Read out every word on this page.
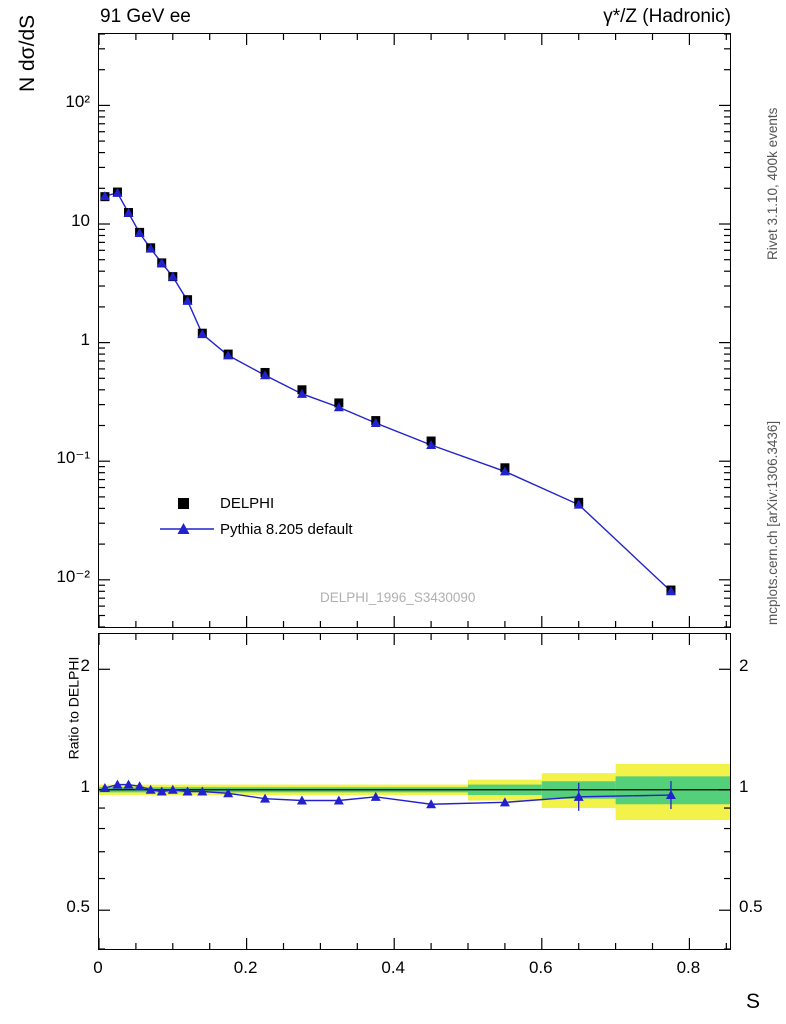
91 GeV ee	γ*/Z (Hadronic)
Rivet 3.1.10, 400k events
mcplots.cern.ch [arXiv:1306.3436]
N dσ/dS
Ratio to DELPHI
DELPHI
Pythia 8.205 default
DELPHI_1996_S3430090
S
10⁻²
10⁻¹
1
10
10²
0.5	0.5
1	1
2	2
0	0.2	0.4	0.6	0.8
